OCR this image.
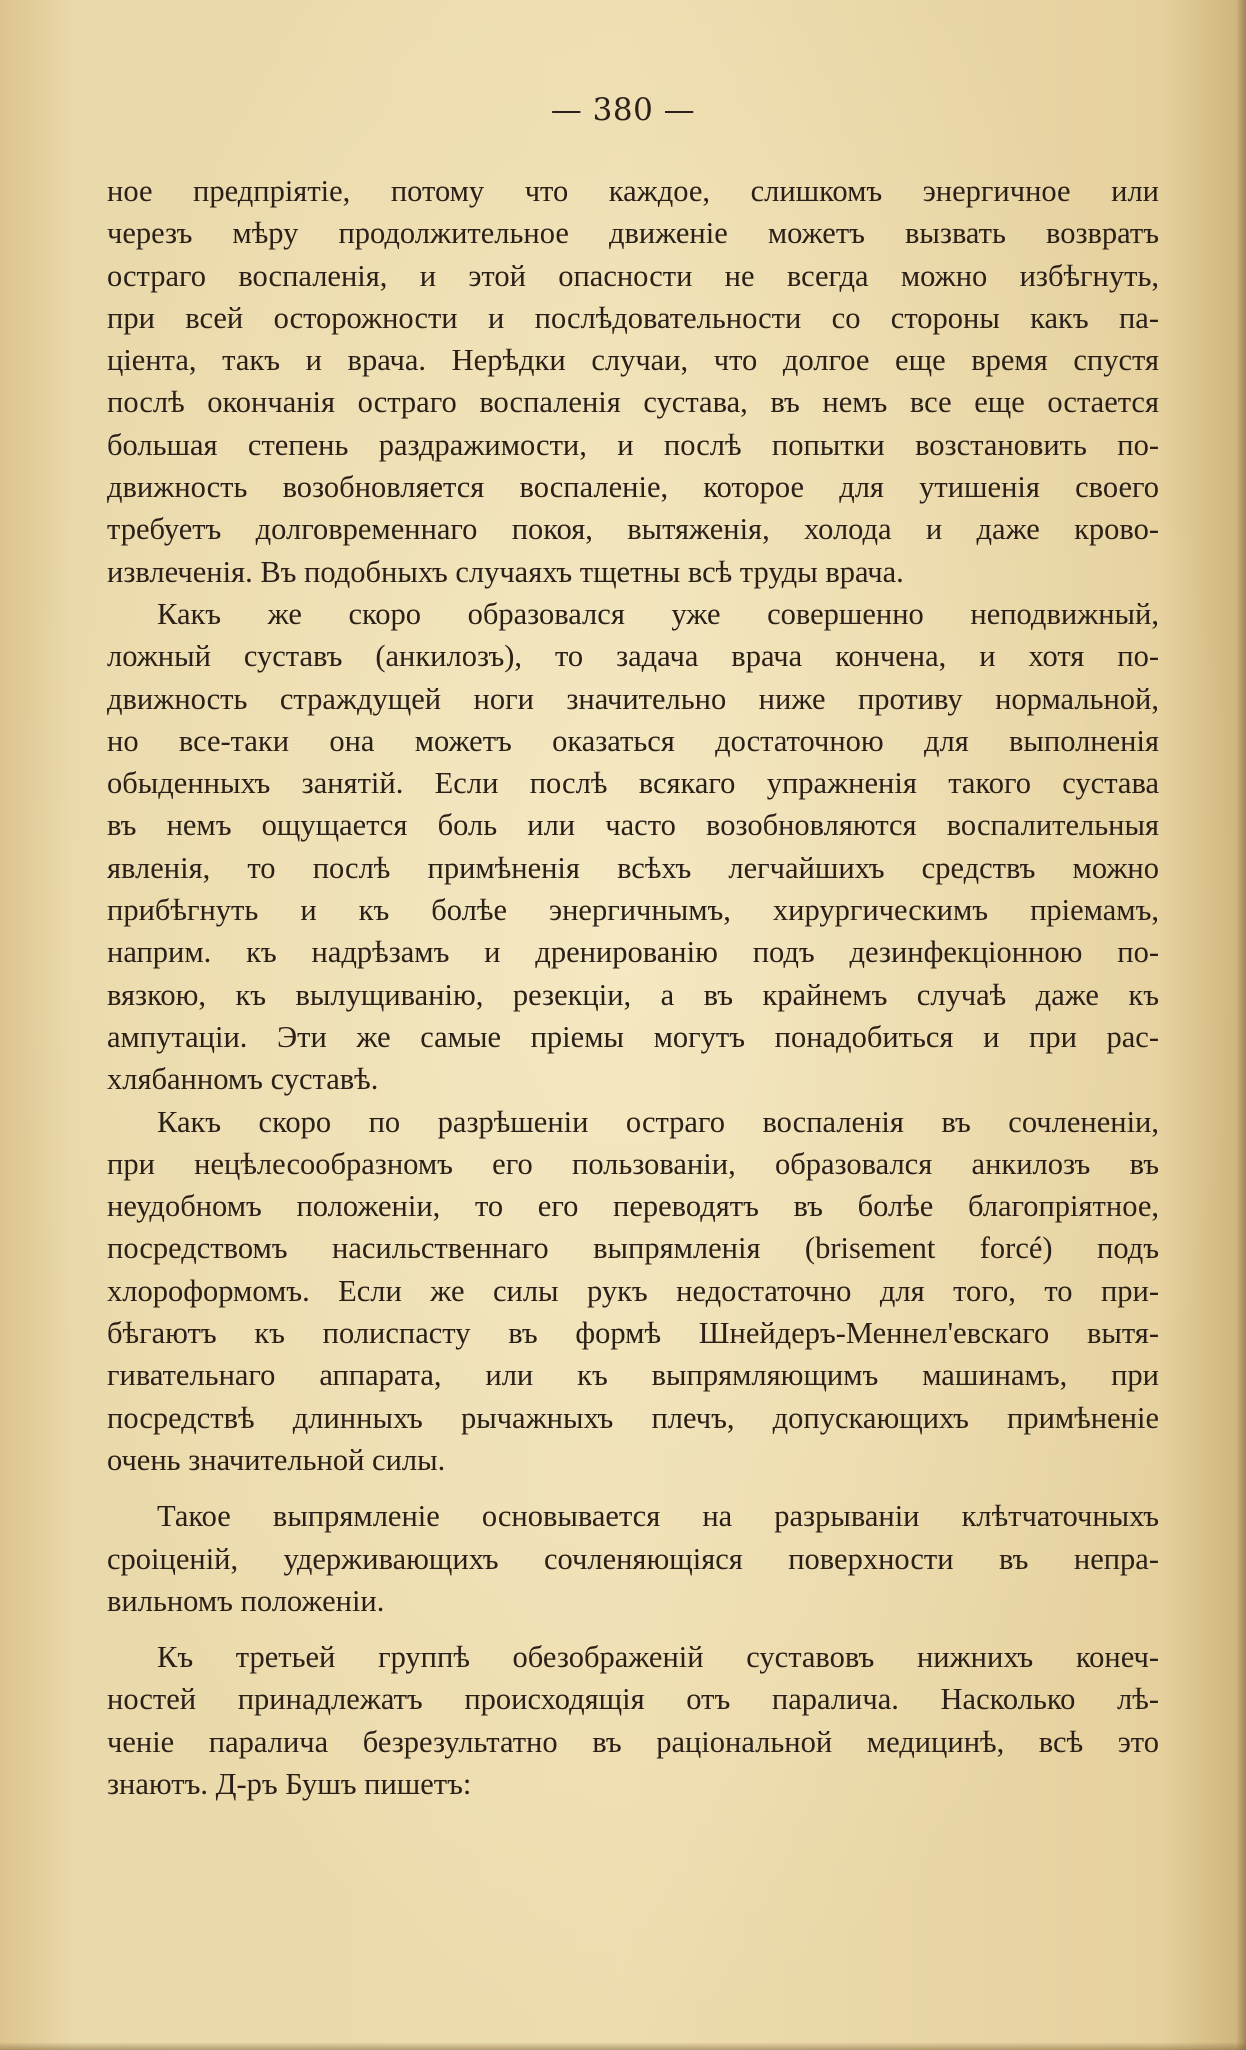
— 380 —
ное предпріятіе, потому что каждое, слишкомъ энергичное или
черезъ мѣру продолжительное движеніе можетъ вызвать возвратъ
остраго воспаленія, и этой опасности не всегда можно избѣгнуть,
при всей осторожности и послѣдовательности со стороны какъ па-
ціента, такъ и врача. Нерѣдки случаи, что долгое еще время спустя
послѣ окончанія остраго воспаленія сустава, въ немъ все еще остается
большая степень раздражимости, и послѣ попытки возстановить по-
движность возобновляется воспаленіе, которое для утишенія своего
требуетъ долговременнаго покоя, вытяженія, холода и даже крово-
извлеченія. Въ подобныхъ случаяхъ тщетны всѣ труды врача.
Какъ же скоро образовался уже совершенно неподвижный,
ложный суставъ (анкилозъ), то задача врача кончена, и хотя по-
движность страждущей ноги значительно ниже противу нормальной,
но все-таки она можетъ оказаться достаточною для выполненія
обыденныхъ занятій. Если послѣ всякаго упражненія такого сустава
въ немъ ощущается боль или часто возобновляются воспалительныя
явленія, то послѣ примѣненія всѣхъ легчайшихъ средствъ можно
прибѣгнуть и къ болѣе энергичнымъ, хирургическимъ пріемамъ,
наприм. къ надрѣзамъ и дренированію подъ дезинфекціонною по-
вязкою, къ вылущиванію, резекціи, а въ крайнемъ случаѣ даже къ
ампутаціи. Эти же самые пріемы могутъ понадобиться и при рас-
хлябанномъ суставѣ.
Какъ скоро по разрѣшеніи остраго воспаленія въ сочлененіи,
при нецѣлесообразномъ его пользованіи, образовался анкилозъ въ
неудобномъ положеніи, то его переводятъ въ болѣе благопріятное,
посредствомъ насильственнаго выпрямленія (brisement forcé) подъ
хлороформомъ. Если же силы рукъ недостаточно для того, то при-
бѣгаютъ къ полиспасту въ формѣ Шнейдеръ-Меннел'евскаго вытя-
гивательнаго аппарата, или къ выпрямляющимъ машинамъ, при
посредствѣ длинныхъ рычажныхъ плечъ, допускающихъ примѣненіе
очень значительной силы.
Такое выпрямленіе основывается на разрываніи клѣтчаточныхъ
сроіценій, удерживающихъ сочленяющіяся поверхности въ непра-
вильномъ положеніи.
Къ третьей группѣ обезображеній суставовъ нижнихъ конеч-
ностей принадлежатъ происходящія отъ паралича. Насколько лѣ-
ченіе паралича безрезультатно въ раціональной медицинѣ, всѣ это
знаютъ. Д-ръ Бушъ пишетъ:
